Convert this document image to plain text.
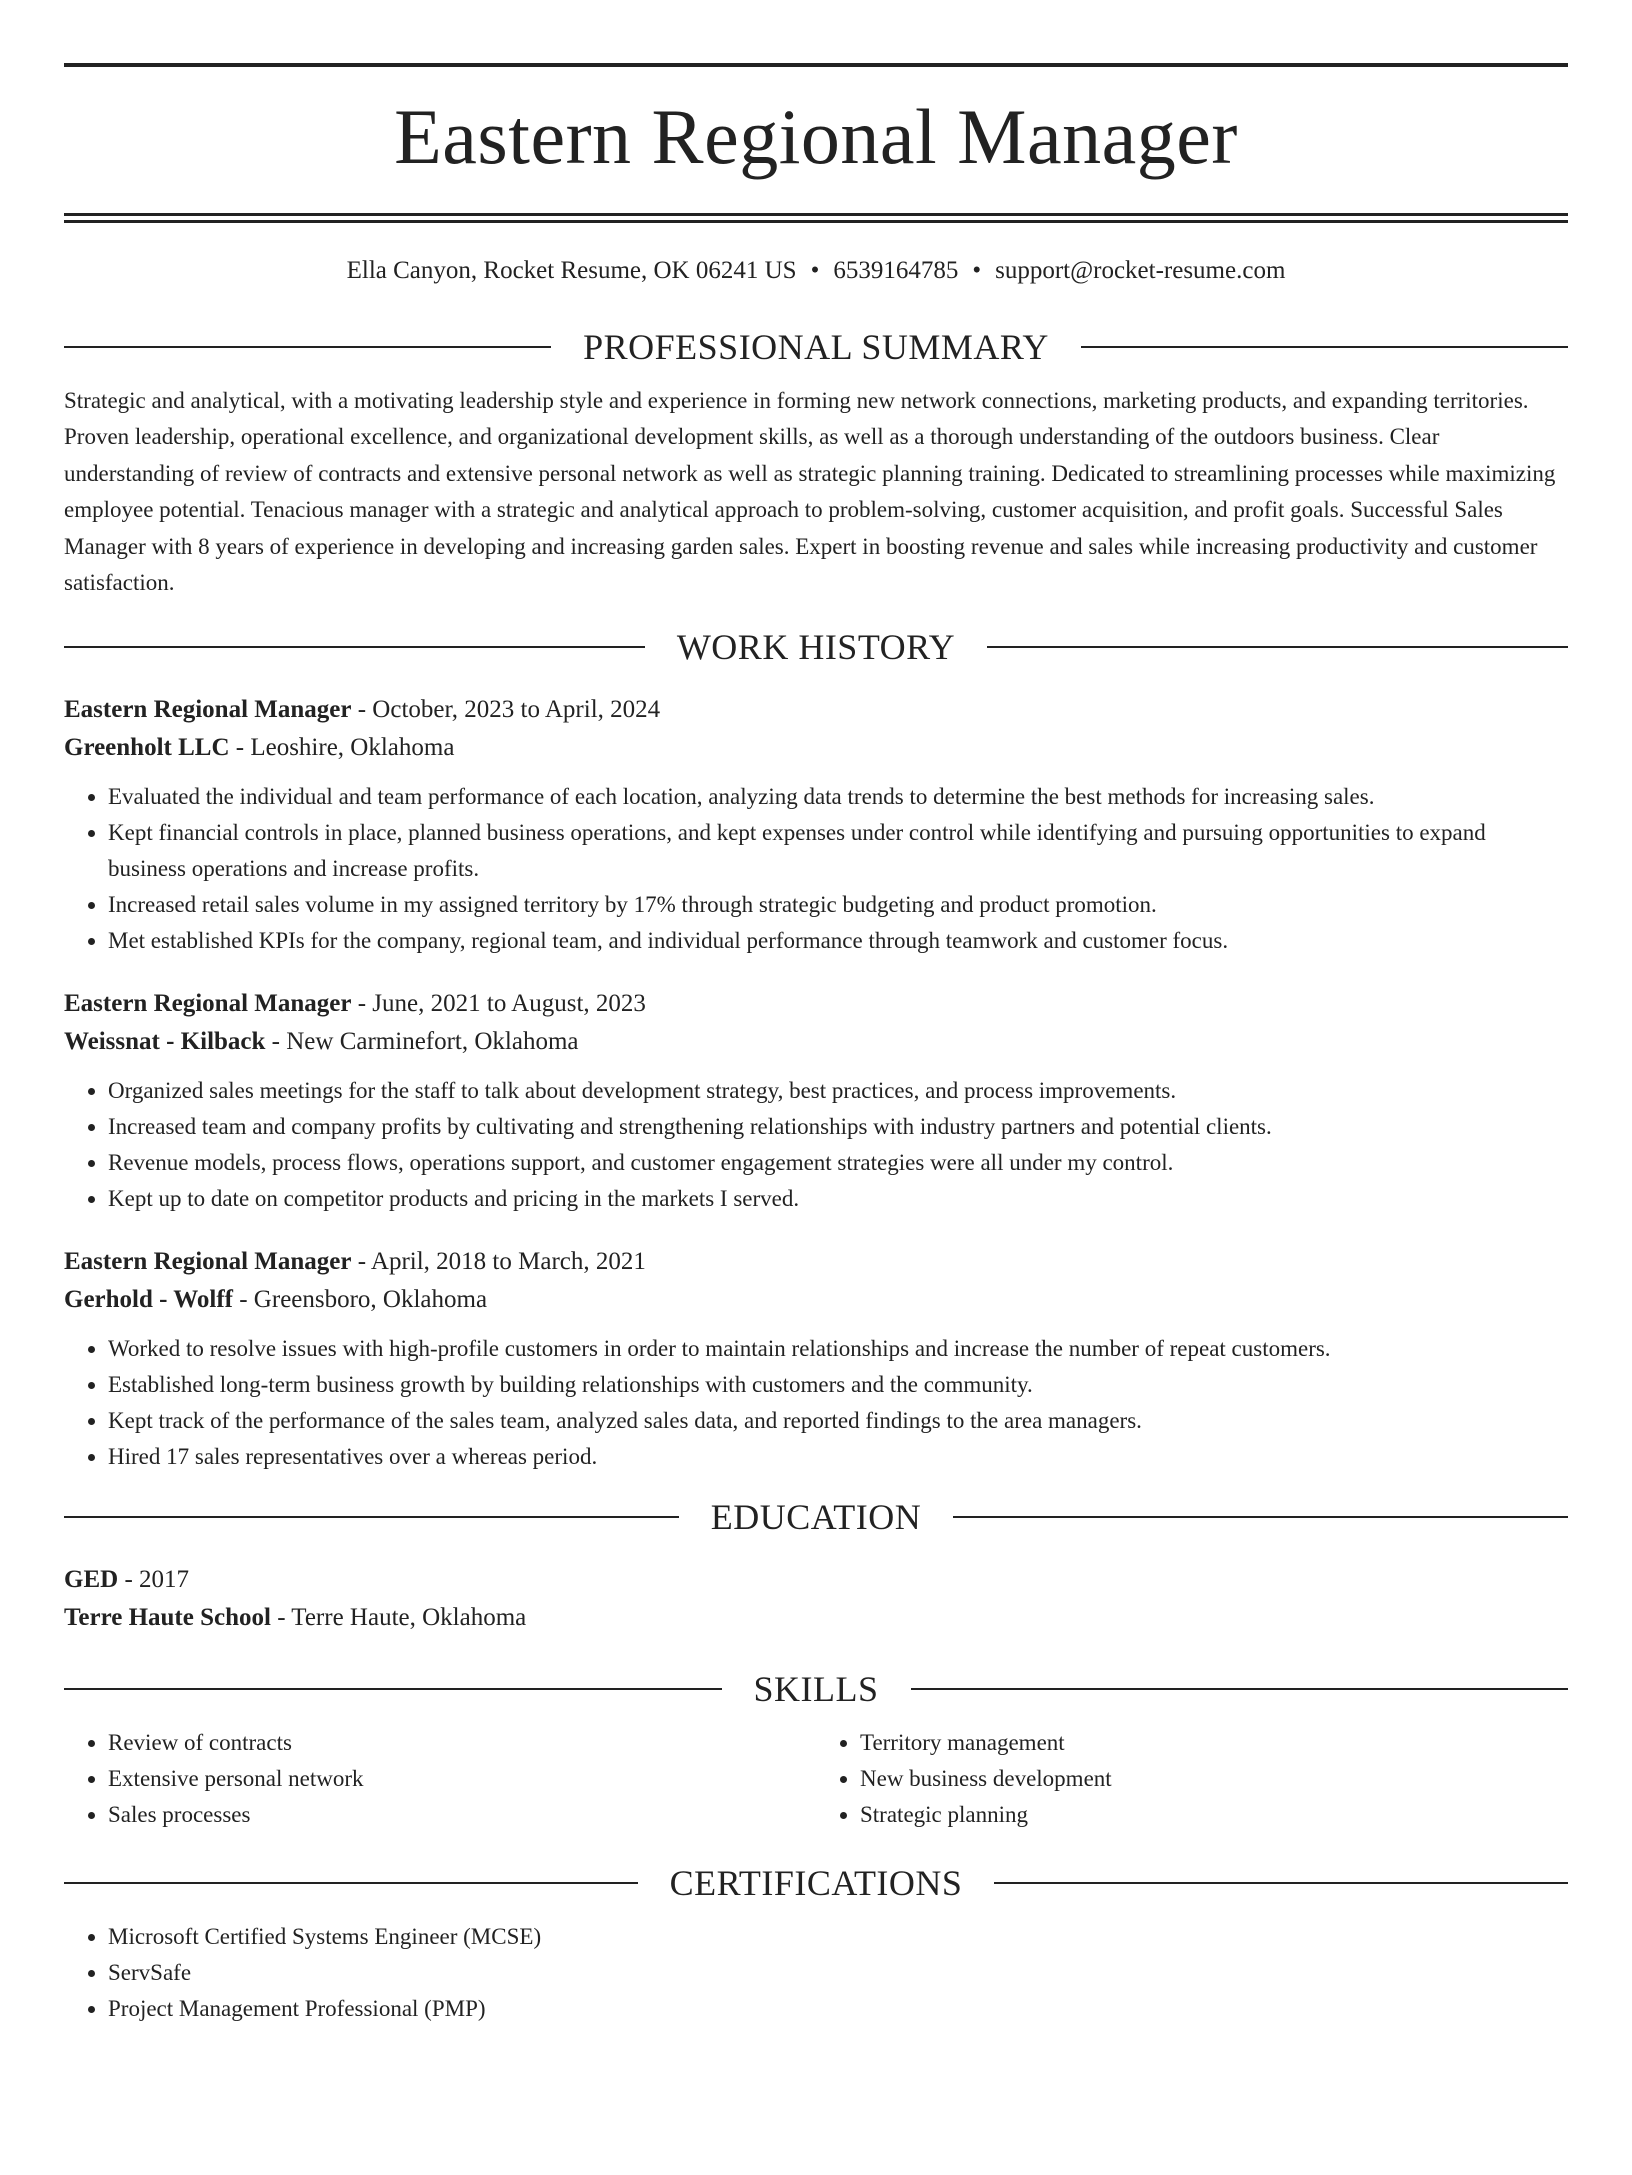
Eastern Regional Manager
Ella Canyon, Rocket Resume, OK 06241 US • 6539164785 • support@rocket-resume.com
PROFESSIONAL SUMMARY
Strategic and analytical, with a motivating leadership style and experience in forming new network connections, marketing products, and expanding territories. Proven leadership, operational excellence, and organizational development skills, as well as a thorough understanding of the outdoors business. Clear understanding of review of contracts and extensive personal network as well as strategic planning training. Dedicated to streamlining processes while maximizing employee potential. Tenacious manager with a strategic and analytical approach to problem-solving, customer acquisition, and profit goals. Successful Sales Manager with 8 years of experience in developing and increasing garden sales. Expert in boosting revenue and sales while increasing productivity and customer satisfaction.
WORK HISTORY
Eastern Regional Manager - October, 2023 to April, 2024
Greenholt LLC - Leoshire, Oklahoma
• Evaluated the individual and team performance of each location, analyzing data trends to determine the best methods for increasing sales.
• Kept financial controls in place, planned business operations, and kept expenses under control while identifying and pursuing opportunities to expand business operations and increase profits.
• Increased retail sales volume in my assigned territory by 17% through strategic budgeting and product promotion.
• Met established KPIs for the company, regional team, and individual performance through teamwork and customer focus.
Eastern Regional Manager - June, 2021 to August, 2023
Weissnat - Kilback - New Carminefort, Oklahoma
• Organized sales meetings for the staff to talk about development strategy, best practices, and process improvements.
• Increased team and company profits by cultivating and strengthening relationships with industry partners and potential clients.
• Revenue models, process flows, operations support, and customer engagement strategies were all under my control.
• Kept up to date on competitor products and pricing in the markets I served.
Eastern Regional Manager - April, 2018 to March, 2021
Gerhold - Wolff - Greensboro, Oklahoma
• Worked to resolve issues with high-profile customers in order to maintain relationships and increase the number of repeat customers.
• Established long-term business growth by building relationships with customers and the community.
• Kept track of the performance of the sales team, analyzed sales data, and reported findings to the area managers.
• Hired 17 sales representatives over a whereas period.
EDUCATION
GED - 2017
Terre Haute School - Terre Haute, Oklahoma
SKILLS
• Review of contracts
• Extensive personal network
• Sales processes
• Territory management
• New business development
• Strategic planning
CERTIFICATIONS
• Microsoft Certified Systems Engineer (MCSE)
• ServSafe
• Project Management Professional (PMP)
